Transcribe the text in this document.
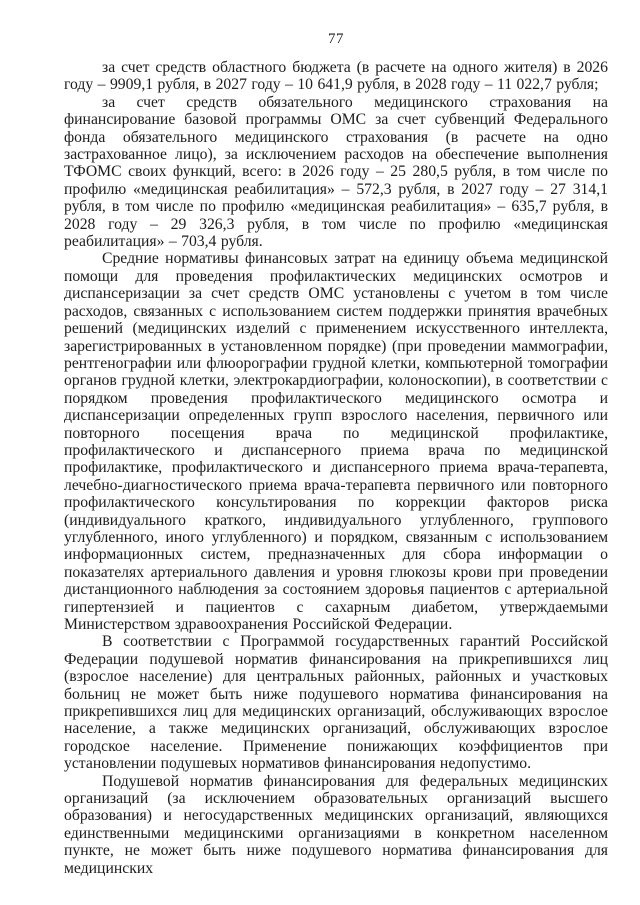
77

за счет средств областного бюджета (в расчете на одного жителя) в 2026 году – 9909,1 рубля, в 2027 году – 10 641,9 рубля, в 2028 году – 11 022,7 рубля;

за счет средств обязательного медицинского страхования на финансирование базовой программы ОМС за счет субвенций Федерального фонда обязательного медицинского страхования (в расчете на одно застрахованное лицо), за исключением расходов на обеспечение выполнения ТФОМС своих функций, всего: в 2026 году – 25 280,5 рубля, в том числе по профилю «медицинская реабилитация» – 572,3 рубля, в 2027 году – 27 314,1 рубля, в том числе по профилю «медицинская реабилитация» – 635,7 рубля, в 2028 году – 29 326,3 рубля, в том числе по профилю «медицинская реабилитация» – 703,4 рубля.

Средние нормативы финансовых затрат на единицу объема медицинской помощи для проведения профилактических медицинских осмотров и диспансеризации за счет средств ОМС установлены с учетом в том числе расходов, связанных с использованием систем поддержки принятия врачебных решений (медицинских изделий с применением искусственного интеллекта, зарегистрированных в установленном порядке) (при проведении маммографии, рентгенографии или флюорографии грудной клетки, компьютерной томографии органов грудной клетки, электрокардиографии, колоноскопии), в соответствии с порядком проведения профилактического медицинского осмотра и диспансеризации определенных групп взрослого населения, первичного или повторного посещения врача по медицинской профилактике, профилактического и диспансерного приема врача по медицинской профилактике, профилактического и диспансерного приема врача-терапевта, лечебно-диагностического приема врача-терапевта первичного или повторного профилактического консультирования по коррекции факторов риска (индивидуального краткого, индивидуального углубленного, группового углубленного, иного углубленного) и порядком, связанным с использованием информационных систем, предназначенных для сбора информации о показателях артериального давления и уровня глюкозы крови при проведении дистанционного наблюдения за состоянием здоровья пациентов с артериальной гипертензией и пациентов с сахарным диабетом, утверждаемыми Министерством здравоохранения Российской Федерации.

В соответствии с Программой государственных гарантий Российской Федерации подушевой норматив финансирования на прикрепившихся лиц (взрослое население) для центральных районных, районных и участковых больниц не может быть ниже подушевого норматива финансирования на прикрепившихся лиц для медицинских организаций, обслуживающих взрослое население, а также медицинских организаций, обслуживающих взрослое городское население. Применение понижающих коэффициентов при установлении подушевых нормативов финансирования недопустимо.

Подушевой норматив финансирования для федеральных медицинских организаций (за исключением образовательных организаций высшего образования) и негосударственных медицинских организаций, являющихся единственными медицинскими организациями в конкретном населенном пункте, не может быть ниже подушевого норматива финансирования для медицинских
